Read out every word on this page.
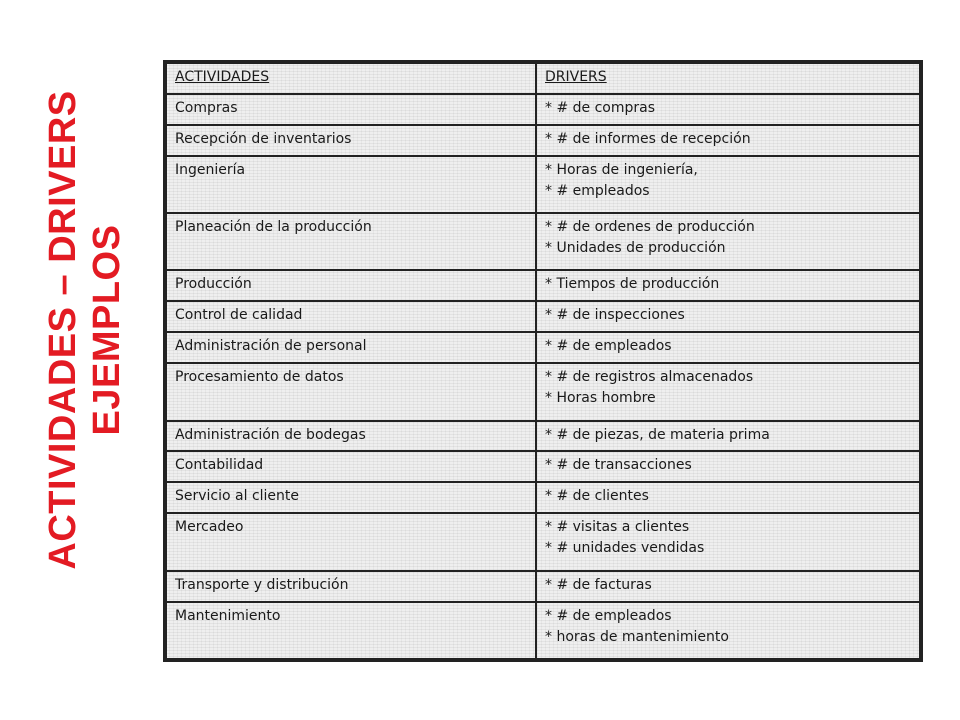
ACTIVIDADES – DRIVERS EJEMPLOS
ACTIVIDADES	DRIVERS
Compras	* # de compras

Recepción de inventarios	* # de informes de recepción

Ingeniería	* Horas de ingeniería,
* # empleados

Planeación de la producción	* # de ordenes de producción
* Unidades de producción

Producción	* Tiempos de producción

Control de calidad	* # de inspecciones

Administración de personal	* # de empleados

Procesamiento de datos	* # de registros almacenados
* Horas hombre

Administración de bodegas	* # de piezas, de materia prima

Contabilidad	* # de transacciones

Servicio al cliente	* # de clientes

Mercadeo	* # visitas a clientes
* # unidades vendidas

Transporte y distribución	* # de facturas

Mantenimiento	* # de empleados
* horas de mantenimiento
